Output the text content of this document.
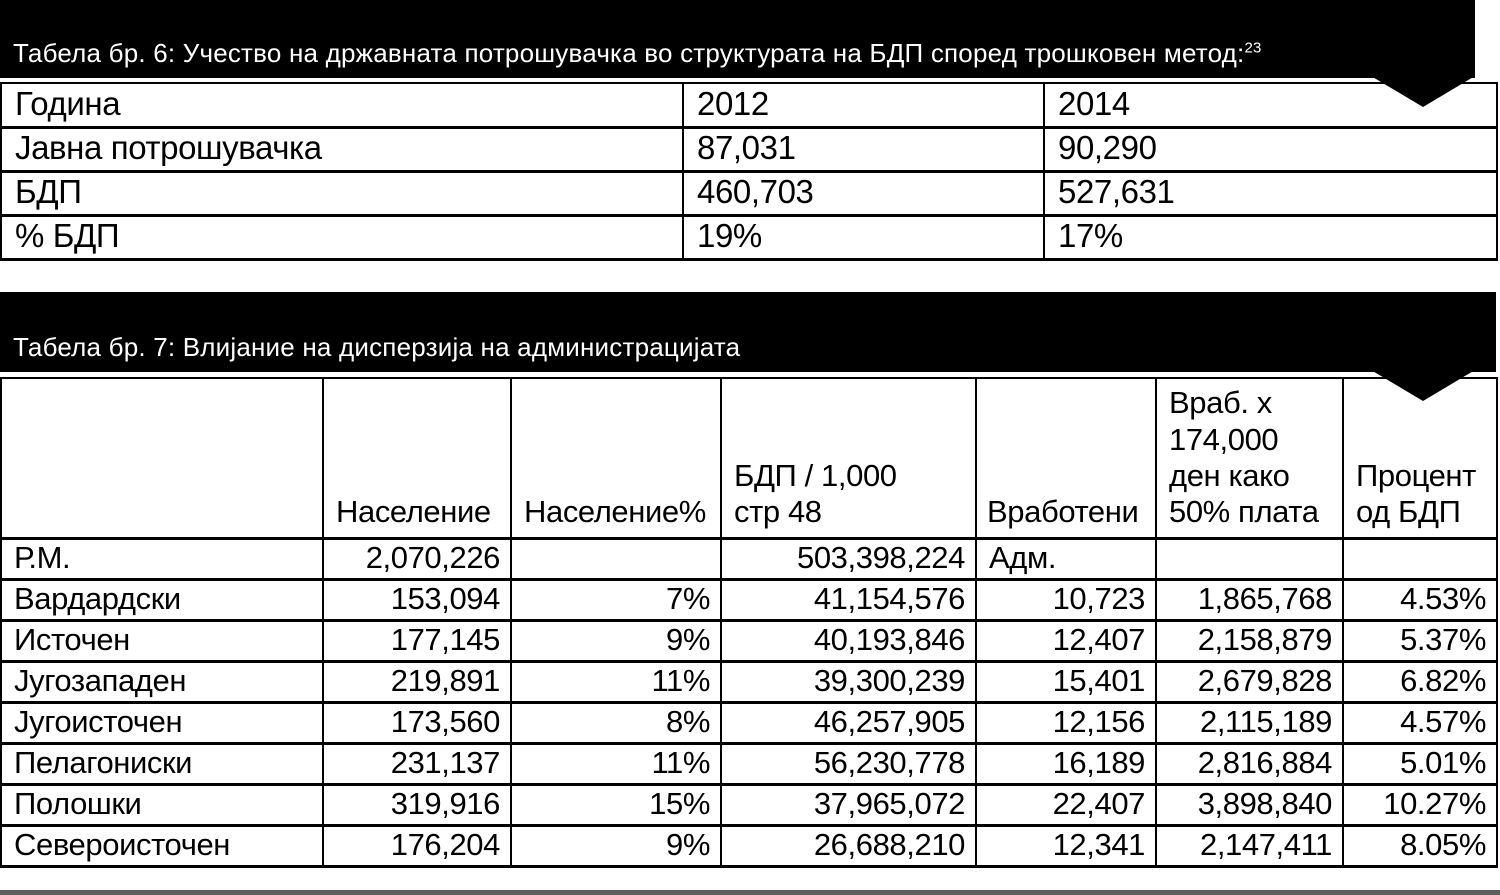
Табела бр. 6: Учество на државната потрошувачка во структурата на БДП според трошковен метод:$^{23}$
Година	2012	2014
Јавна потрошувачка	87,031	90,290
БДП	460,703	527,631
% БДП	19%	17%
Табела бр. 7: Влијание на дисперзија на администрацијата
	Население	Население%	БДП / 1,000 стр 48	Вработени	Враб. x 174,000 ден како 50% плата	Процент од БДП
Р.М.	2,070,226		503,398,224	Адм.		
Вардардски	153,094	7%	41,154,576	10,723	1,865,768	4.53%
Источен	177,145	9%	40,193,846	12,407	2,158,879	5.37%
Југозападен	219,891	11%	39,300,239	15,401	2,679,828	6.82%
Југоисточен	173,560	8%	46,257,905	12,156	2,115,189	4.57%
Пелагониски	231,137	11%	56,230,778	16,189	2,816,884	5.01%
Полошки	319,916	15%	37,965,072	22,407	3,898,840	10.27%
Североисточен	176,204	9%	26,688,210	12,341	2,147,411	8.05%
